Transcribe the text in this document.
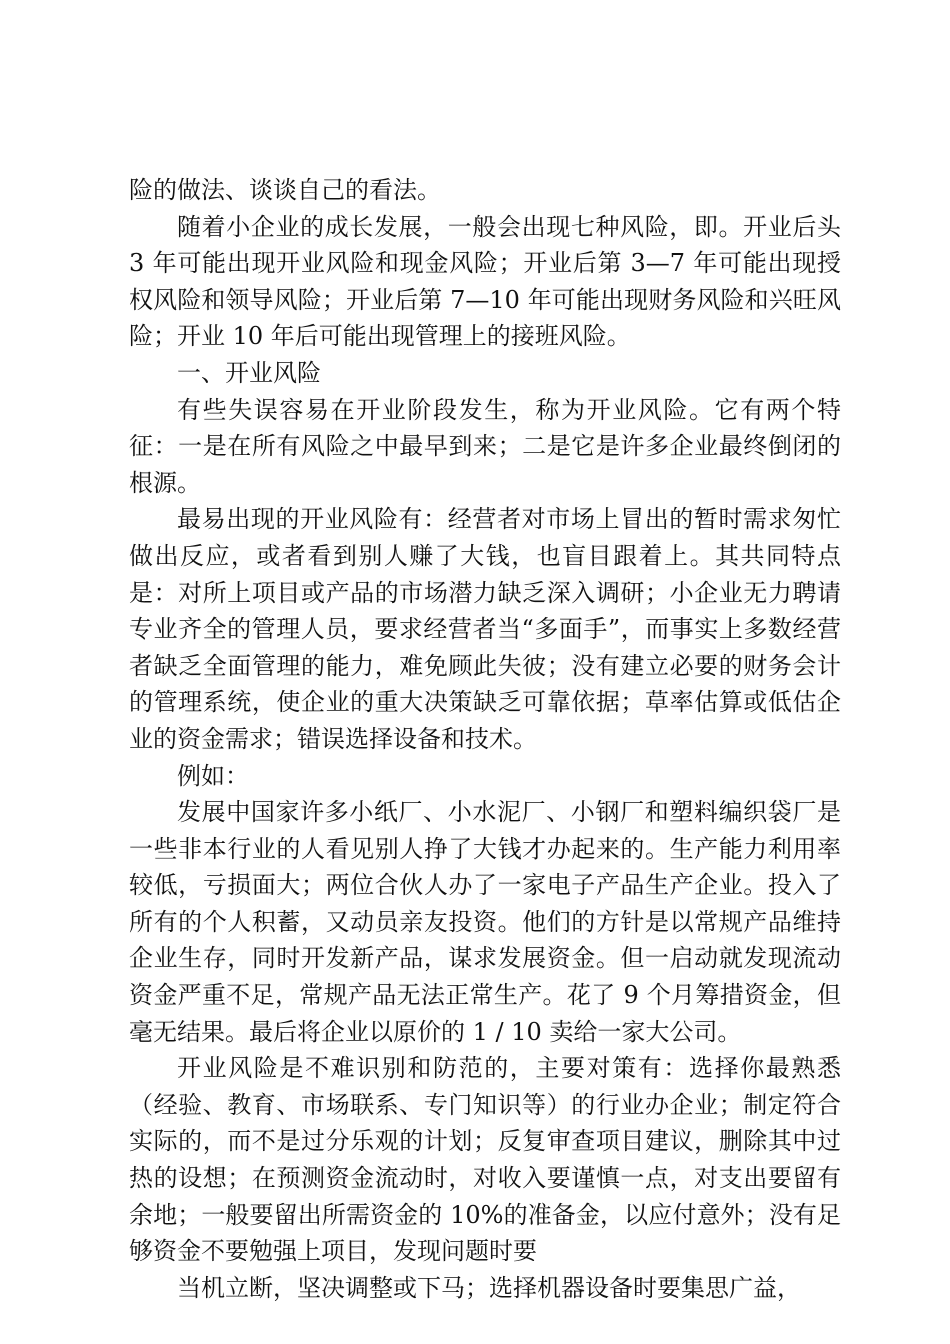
险的做法、谈谈自己的看法。

随着小企业的成长发展，一般会出现七种风险，即。开业后头 3 年可能出现开业风险和现金风险；开业后第 3—7 年可能出现授权风险和领导风险；开业后第 7—10 年可能出现财务风险和兴旺风险；开业 10 年后可能出现管理上的接班风险。

一、开业风险

有些失误容易在开业阶段发生，称为开业风险。它有两个特征：一是在所有风险之中最早到来；二是它是许多企业最终倒闭的根源。

最易出现的开业风险有：经营者对市场上冒出的暂时需求匆忙做出反应，或者看到别人赚了大钱，也盲目跟着上。其共同特点是：对所上项目或产品的市场潜力缺乏深入调研；小企业无力聘请专业齐全的管理人员，要求经营者当“多面手”，而事实上多数经营者缺乏全面管理的能力，难免顾此失彼；没有建立必要的财务会计的管理系统，使企业的重大决策缺乏可靠依据；草率估算或低估企业的资金需求；错误选择设备和技术。

例如：

发展中国家许多小纸厂、小水泥厂、小钢厂和塑料编织袋厂是一些非本行业的人看见别人挣了大钱才办起来的。生产能力利用率较低，亏损面大；两位合伙人办了一家电子产品生产企业。投入了所有的个人积蓄，又动员亲友投资。他们的方针是以常规产品维持企业生存，同时开发新产品，谋求发展资金。但一启动就发现流动资金严重不足，常规产品无法正常生产。花了 9 个月筹措资金，但毫无结果。最后将企业以原价的 1 / 10 卖给一家大公司。

开业风险是不难识别和防范的，主要对策有：选择你最熟悉（经验、教育、市场联系、专门知识等）的行业办企业；制定符合实际的，而不是过分乐观的计划；反复审查项目建议，删除其中过热的设想；在预测资金流动时，对收入要谨慎一点，对支出要留有余地；一般要留出所需资金的 10%的准备金，以应付意外；没有足够资金不要勉强上项目，发现问题时要

当机立断，坚决调整或下马；选择机器设备时要集思广益，
